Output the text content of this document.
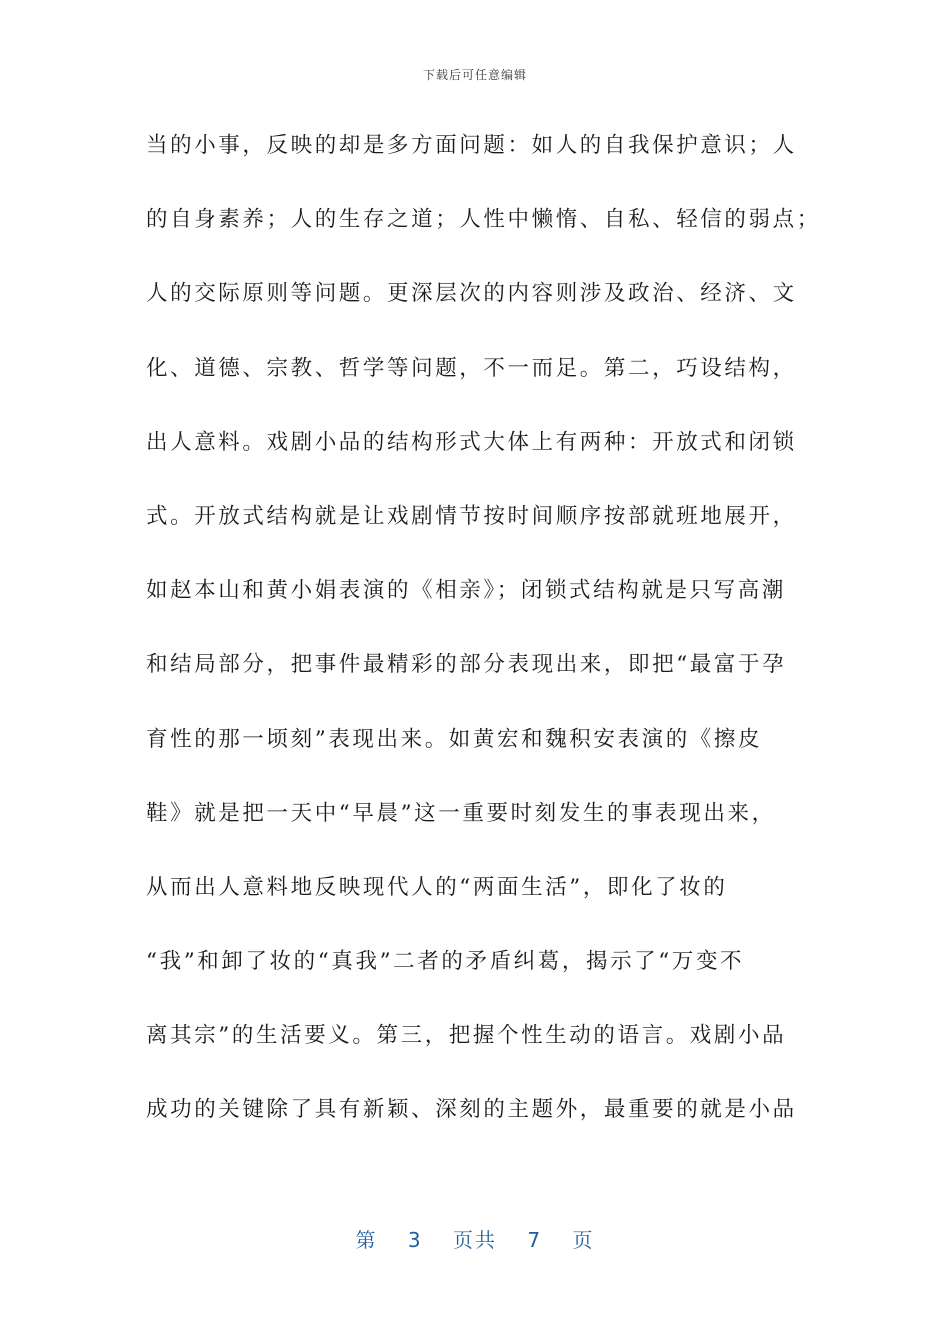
下载后可任意编辑
当的小事，反映的却是多方面问题：如人的自我保护意识；人
的自身素养；人的生存之道；人性中懒惰、自私、轻信的弱点；
人的交际原则等问题。更深层次的内容则涉及政治、经济、文
化、道德、宗教、哲学等问题，不一而足。第二，巧设结构，
出人意料。戏剧小品的结构形式大体上有两种：开放式和闭锁
式。开放式结构就是让戏剧情节按时间顺序按部就班地展开，
如赵本山和黄小娟表演的《相亲》；闭锁式结构就是只写高潮
和结局部分，把事件最精彩的部分表现出来，即把“最富于孕
育性的那一顷刻”表现出来。如黄宏和魏积安表演的《擦皮
鞋》就是把一天中“早晨”这一重要时刻发生的事表现出来，
从而出人意料地反映现代人的“两面生活”，即化了妆的
“我”和卸了妆的“真我”二者的矛盾纠葛，揭示了“万变不
离其宗”的生活要义。第三，把握个性生动的语言。戏剧小品
成功的关键除了具有新颖、深刻的主题外，最重要的就是小品
第 3 页共 7 页
